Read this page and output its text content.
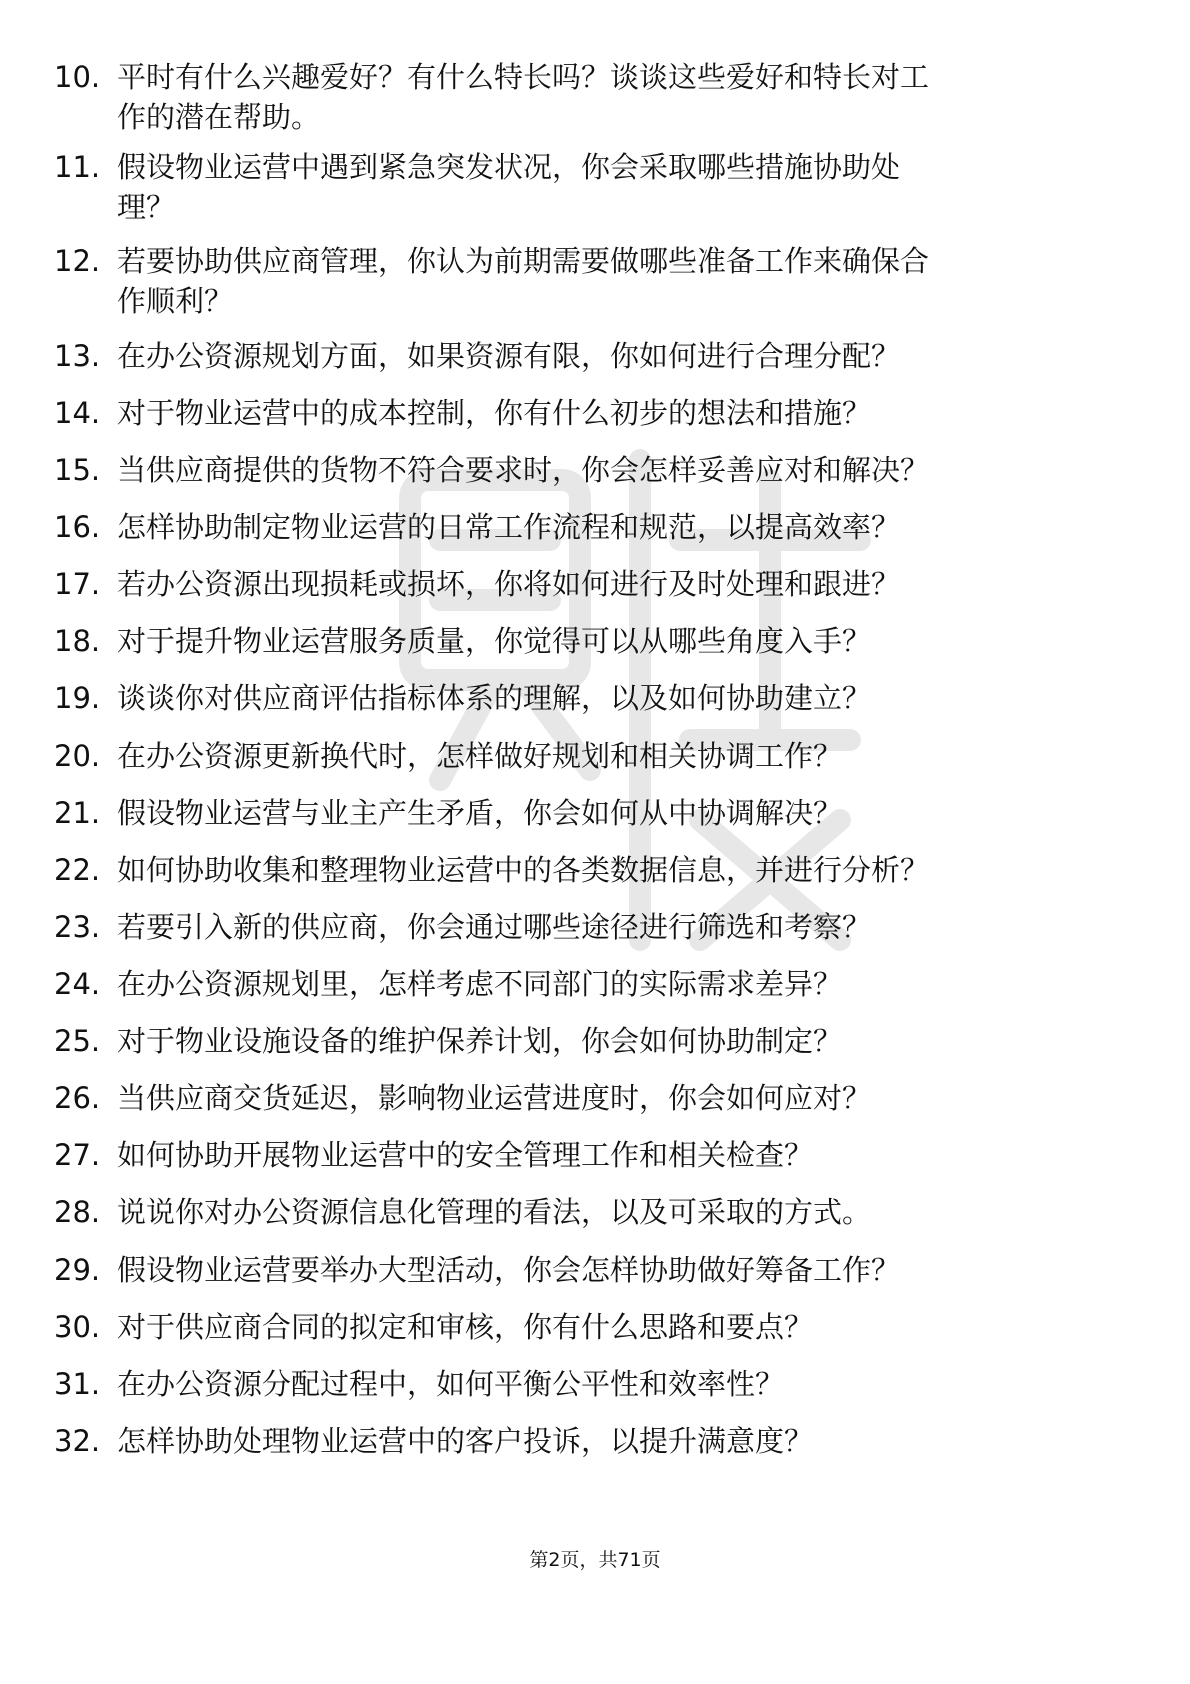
10. 平时有什么兴趣爱好？有什么特长吗？谈谈这些爱好和特长对工
作的潜在帮助。
11. 假设物业运营中遇到紧急突发状况，你会采取哪些措施协助处
理？
12. 若要协助供应商管理，你认为前期需要做哪些准备工作来确保合
作顺利？
13. 在办公资源规划方面，如果资源有限，你如何进行合理分配？
14. 对于物业运营中的成本控制，你有什么初步的想法和措施？
15. 当供应商提供的货物不符合要求时，你会怎样妥善应对和解决？
16. 怎样协助制定物业运营的日常工作流程和规范，以提高效率？
17. 若办公资源出现损耗或损坏，你将如何进行及时处理和跟进？
18. 对于提升物业运营服务质量，你觉得可以从哪些角度入手？
19. 谈谈你对供应商评估指标体系的理解，以及如何协助建立？
20. 在办公资源更新换代时，怎样做好规划和相关协调工作？
21. 假设物业运营与业主产生矛盾，你会如何从中协调解决？
22. 如何协助收集和整理物业运营中的各类数据信息，并进行分析？
23. 若要引入新的供应商，你会通过哪些途径进行筛选和考察？
24. 在办公资源规划里，怎样考虑不同部门的实际需求差异？
25. 对于物业设施设备的维护保养计划，你会如何协助制定？
26. 当供应商交货延迟，影响物业运营进度时，你会如何应对？
27. 如何协助开展物业运营中的安全管理工作和相关检查？
28. 说说你对办公资源信息化管理的看法，以及可采取的方式。
29. 假设物业运营要举办大型活动，你会怎样协助做好筹备工作？
30. 对于供应商合同的拟定和审核，你有什么思路和要点？
31. 在办公资源分配过程中，如何平衡公平性和效率性？
32. 怎样协助处理物业运营中的客户投诉，以提升满意度？
第2页，共71页
